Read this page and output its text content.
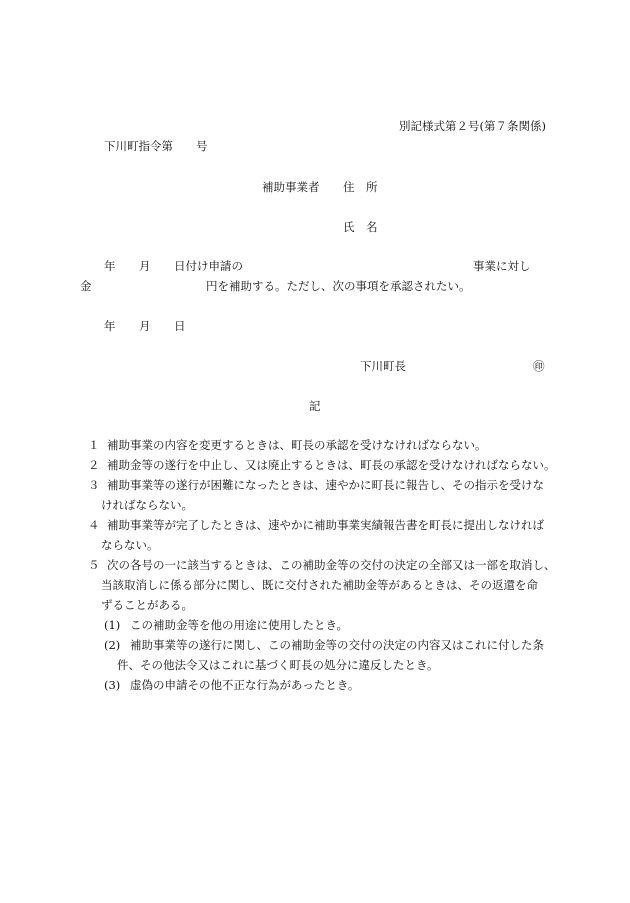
別記様式第２号(第７条関係)
下川町指令第　　号
補助事業者 住　所
氏　名
年 月 日付け申請の	事業に対し
金	円を補助する。ただし、次の事項を承認されたい。
年 月 日
下川町長	㊞
記
１ 補助事業の内容を変更するときは、町長の承認を受けなければならない。
２ 補助金等の遂行を中止し、又は廃止するときは、町長の承認を受けなければならない。
３ 補助事業等の遂行が困難になったときは、速やかに町長に報告し、その指示を受けな
ければならない。
４ 補助事業等が完了したときは、速やかに補助事業実績報告書を町長に提出しなければ
ならない。
５ 次の各号の一に該当するときは、この補助金等の交付の決定の全部又は一部を取消し、
当該取消しに係る部分に関し、既に交付された補助金等があるときは、その返還を命
ずることがある。
(1) この補助金等を他の用途に使用したとき。
(2) 補助事業等の遂行に関し、この補助金等の交付の決定の内容又はこれに付した条
件、その他法令又はこれに基づく町長の処分に違反したとき。
(3) 虚偽の申請その他不正な行為があったとき。
